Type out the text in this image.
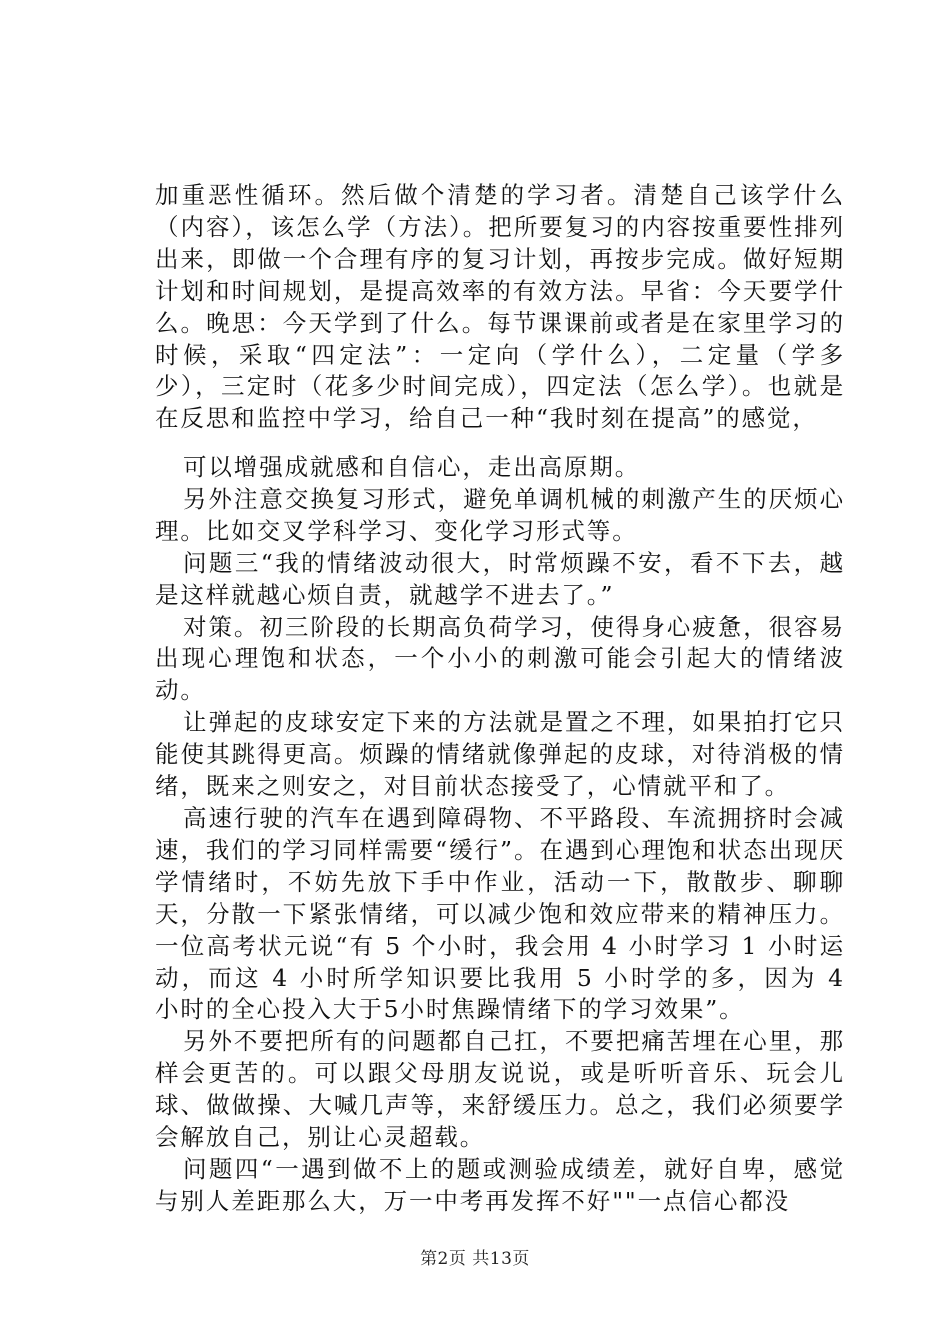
加重恶性循环。然后做个清楚的学习者。清楚自己该学什么（内容），该怎么学（方法）。把所要复习的内容按重要性排列出来，即做一个合理有序的复习计划，再按步完成。做好短期计划和时间规划，是提高效率的有效方法。早省：今天要学什么。晚思：今天学到了什么。每节课课前或者是在家里学习的时候，采取“四定法”：一定向（学什么），二定量（学多少），三定时（花多少时间完成），四定法（怎么学）。也就是在反思和监控中学习，给自己一种“我时刻在提高”的感觉，

可以增强成就感和自信心，走出高原期。

另外注意交换复习形式，避免单调机械的刺激产生的厌烦心理。比如交叉学科学习、变化学习形式等。

问题三“我的情绪波动很大，时常烦躁不安，看不下去，越是这样就越心烦自责，就越学不进去了。”

对策。初三阶段的长期高负荷学习，使得身心疲惫，很容易出现心理饱和状态，一个小小的刺激可能会引起大的情绪波动。

让弹起的皮球安定下来的方法就是置之不理，如果拍打它只能使其跳得更高。烦躁的情绪就像弹起的皮球，对待消极的情绪，既来之则安之，对目前状态接受了，心情就平和了。

高速行驶的汽车在遇到障碍物、不平路段、车流拥挤时会减速，我们的学习同样需要“缓行”。在遇到心理饱和状态出现厌学情绪时，不妨先放下手中作业，活动一下，散散步、聊聊天，分散一下紧张情绪，可以减少饱和效应带来的精神压力。一位高考状元说“有 5 个小时，我会用 4 小时学习 1 小时运动，而这 4 小时所学知识要比我用 5 小时学的多，因为 4 小时的全心投入大于5小时焦躁情绪下的学习效果”。

另外不要把所有的问题都自己扛，不要把痛苦埋在心里，那样会更苦的。可以跟父母朋友说说，或是听听音乐、玩会儿球、做做操、大喊几声等，来舒缓压力。总之，我们必须要学会解放自己，别让心灵超载。

问题四“一遇到做不上的题或测验成绩差，就好自卑，感觉与别人差距那么大，万一中考再发挥不好""一点信心都没

第2页 共13页
